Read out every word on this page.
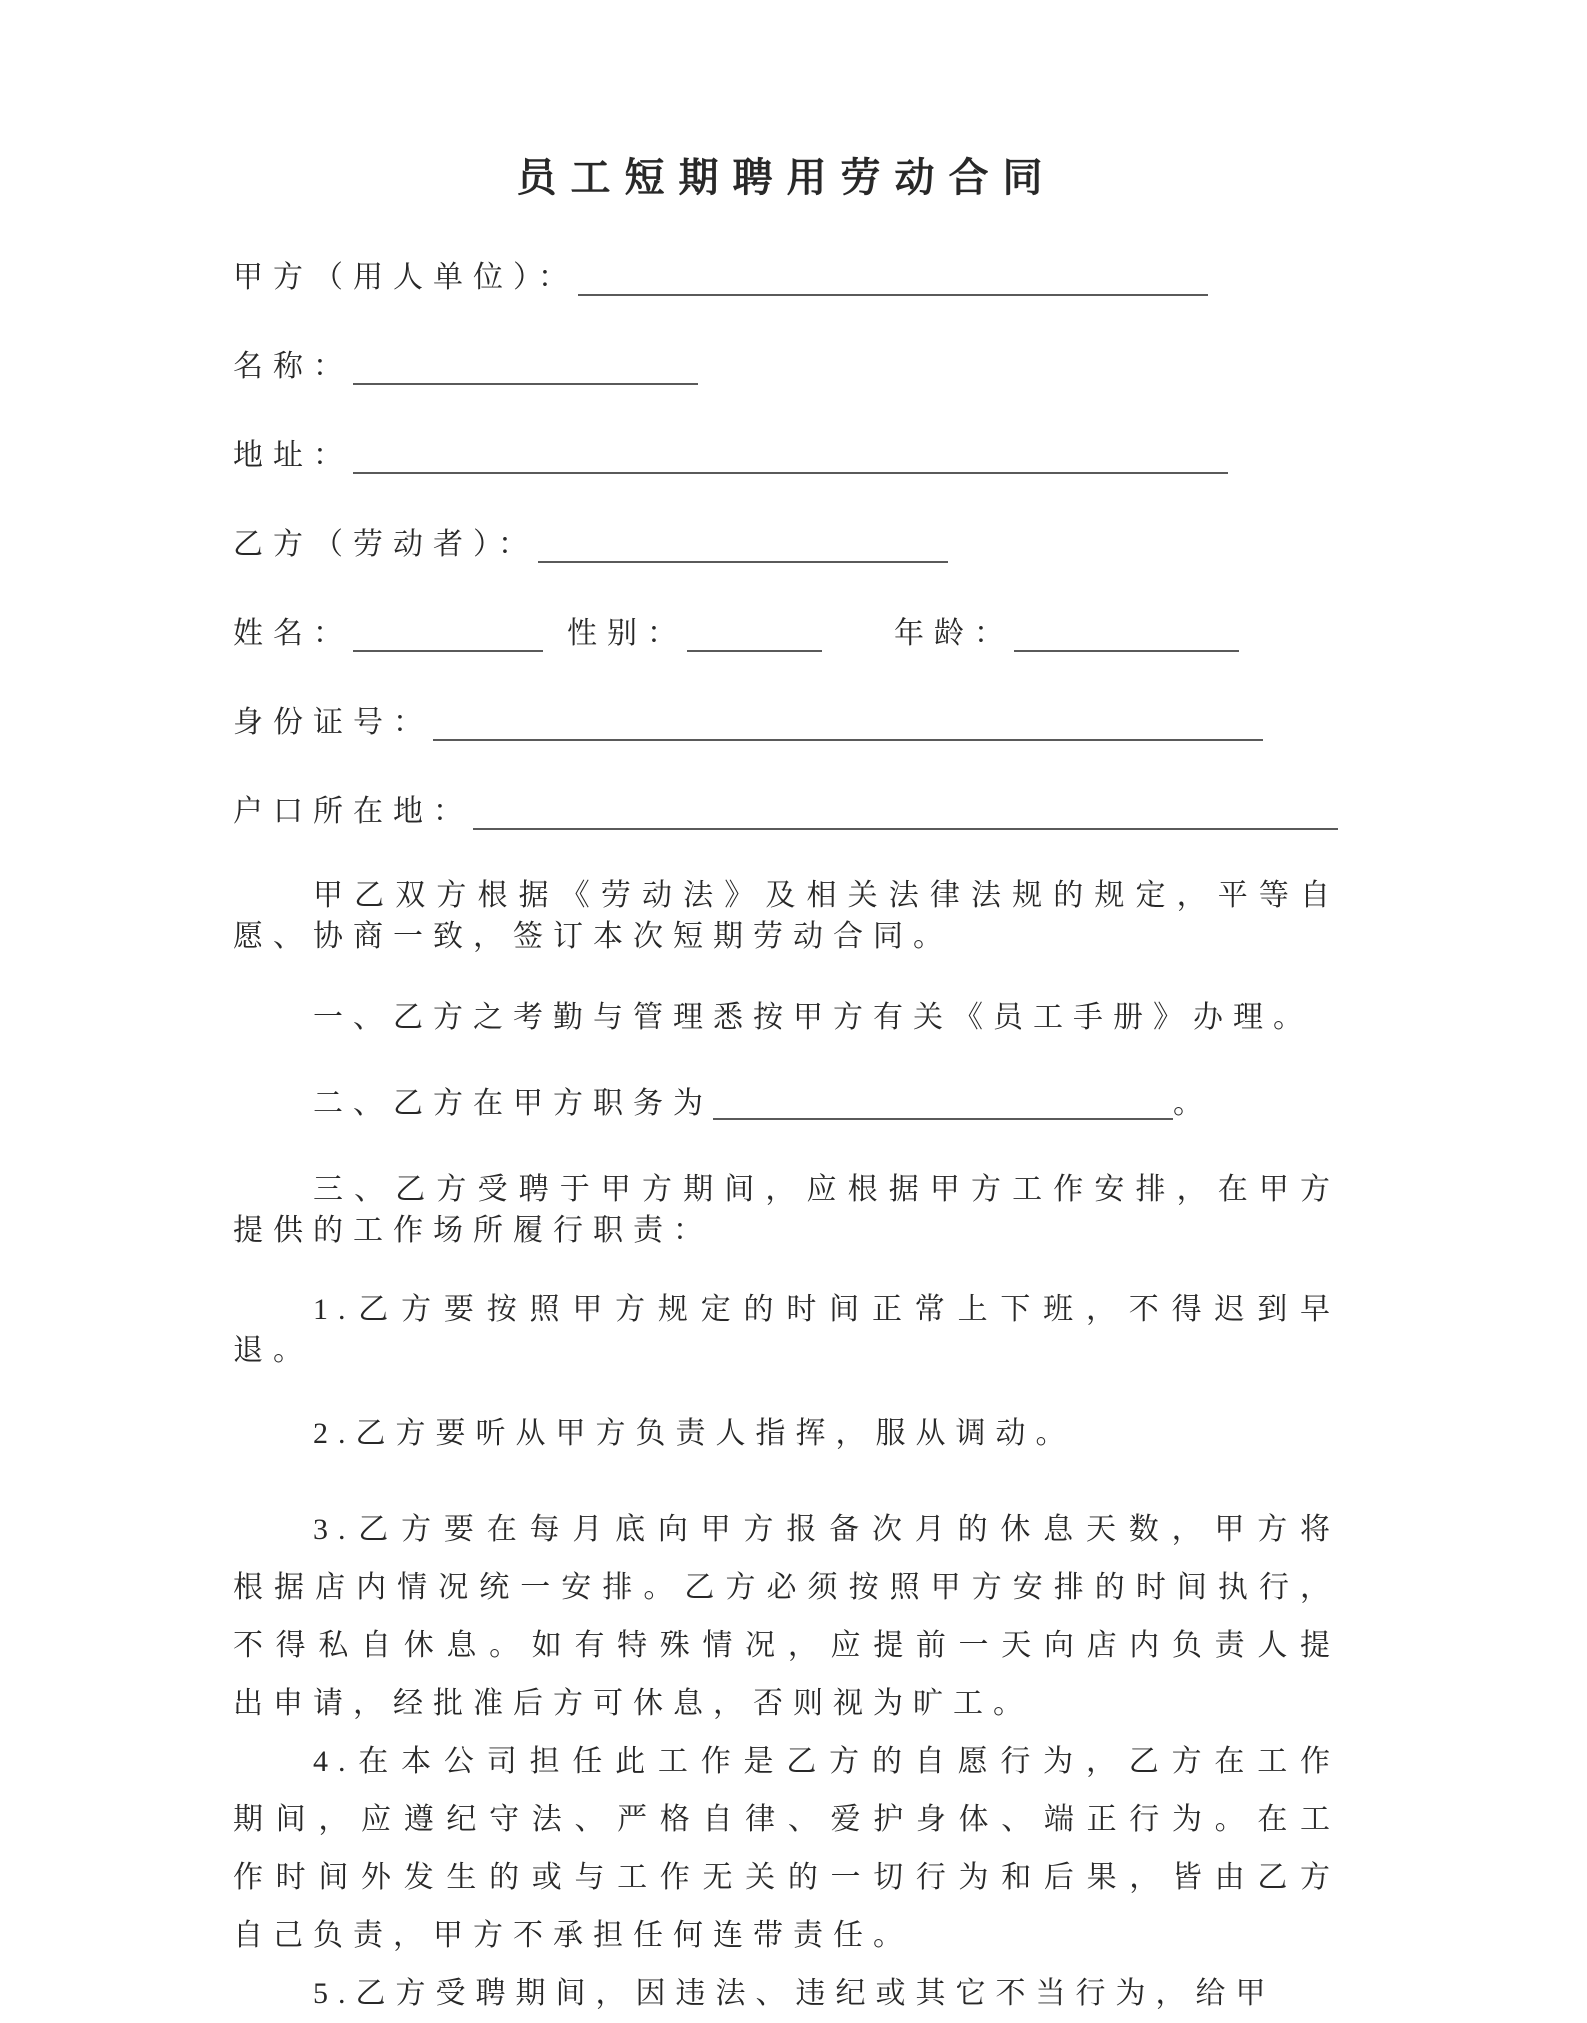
员工短期聘用劳动合同
甲方（用人单位）：
名称：
地址：
乙方（劳动者）：
姓名：	性别：	年龄：
身份证号：
户口所在地：
甲乙双方根据《劳动法》及相关法律法规的规定，平等自
愿、协商一致，签订本次短期劳动合同。
一、乙方之考勤与管理悉按甲方有关《员工手册》办理。
二、乙方在甲方职务为	。
三、乙方受聘于甲方期间，应根据甲方工作安排，在甲方
提供的工作场所履行职责：
1.乙方要按照甲方规定的时间正常上下班，不得迟到早
退。
2.乙方要听从甲方负责人指挥，服从调动。
3.乙方要在每月底向甲方报备次月的休息天数，甲方将
根据店内情况统一安排。乙方必须按照甲方安排的时间执行，
不得私自休息。如有特殊情况，应提前一天向店内负责人提
出申请，经批准后方可休息，否则视为旷工。
4.在本公司担任此工作是乙方的自愿行为，乙方在工作
期间，应遵纪守法、严格自律、爱护身体、端正行为。在工
作时间外发生的或与工作无关的一切行为和后果，皆由乙方
自己负责，甲方不承担任何连带责任。
5.乙方受聘期间，因违法、违纪或其它不当行为，给甲
